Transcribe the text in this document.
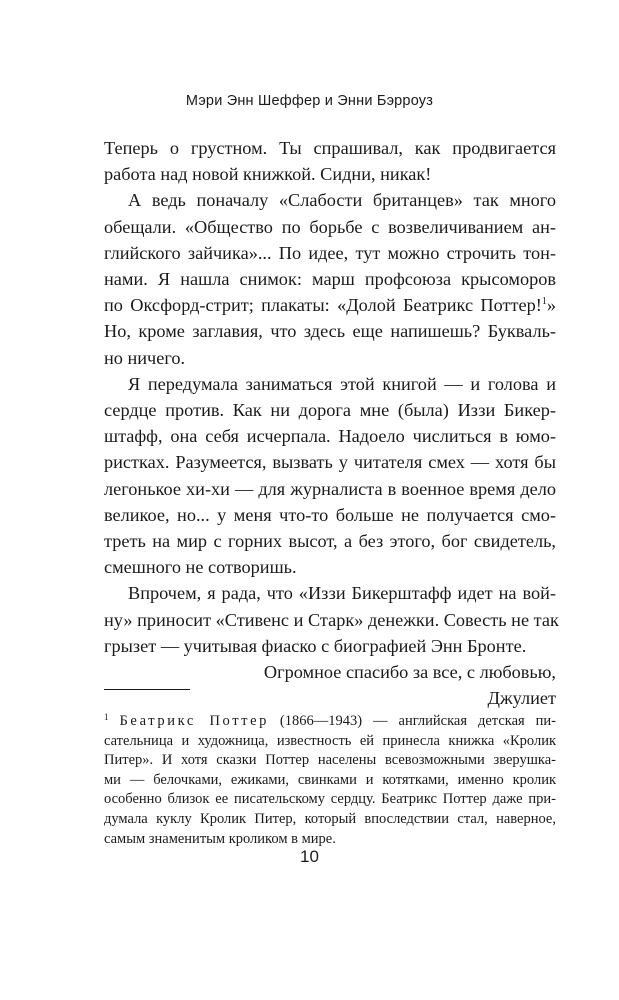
Мэри Энн Шеффер и Энни Бэрроуз
Теперь о грустном. Ты спрашивал, как продвигается
работа над новой книжкой. Сидни, никак!
А ведь поначалу «Слабости британцев» так много
обещали. «Общество по борьбе с возвеличиванием ан-
глийского зайчика»... По идее, тут можно строчить тон-
нами. Я нашла снимок: марш профсоюза крысоморов
по Оксфорд-стрит; плакаты: «Долой Беатрикс Поттер!$^1$»
Но, кроме заглавия, что здесь еще напишешь? Букваль-
но ничего.
Я передумала заниматься этой книгой — и голова и
сердце против. Как ни дорога мне (была) Иззи Бикер-
штафф, она себя исчерпала. Надоело числиться в юмо-
ристках. Разумеется, вызвать у читателя смех — хотя бы
легонькое хи-хи — для журналиста в военное время дело
великое, но... у меня что-то больше не получается смо-
треть на мир с горних высот, а без этого, бог свидетель,
смешного не сотворишь.
Впрочем, я рада, что «Иззи Бикерштафф идет на вой-
ну» приносит «Стивенс и Старк» денежки. Совесть не так
грызет — учитывая фиаско с биографией Энн Бронте.
Огромное спасибо за все, с любовью,
Джулиет
$^1$ Беатрикс Поттер (1866—1943) — английская детская пи-
сательница и художница, известность ей принесла книжка «Кролик
Питер». И хотя сказки Поттер населены всевозможными зверушка-
ми — белочками, ежиками, свинками и котятками, именно кролик
особенно близок ее писательскому сердцу. Беатрикс Поттер даже при-
думала куклу Кролик Питер, который впоследствии стал, наверное,
самым знаменитым кроликом в мире.
10
